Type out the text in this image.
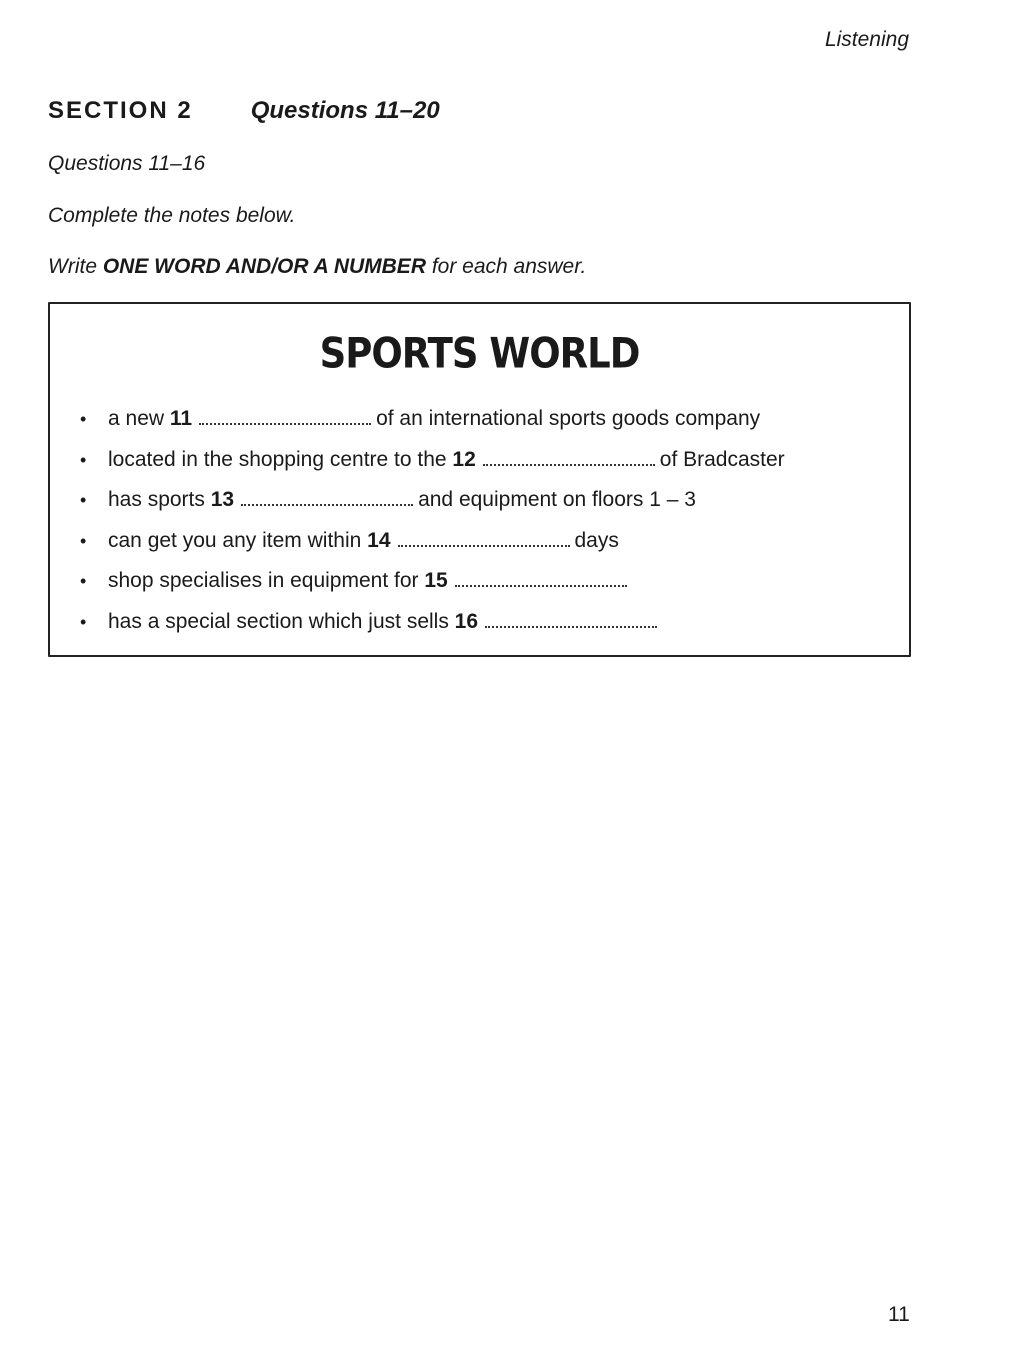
Listening
SECTION 2 Questions 11–20
Questions 11–16
Complete the notes below.
Write ONE WORD AND/OR A NUMBER for each answer.
SPORTS WORLD
• a new 11	of an international sports goods company
• located in the shopping centre to the 12	of Bradcaster
• has sports 13	and equipment on floors 1 – 3
• can get you any item within 14	days
• shop specialises in equipment for 15
• has a special section which just sells 16
11
